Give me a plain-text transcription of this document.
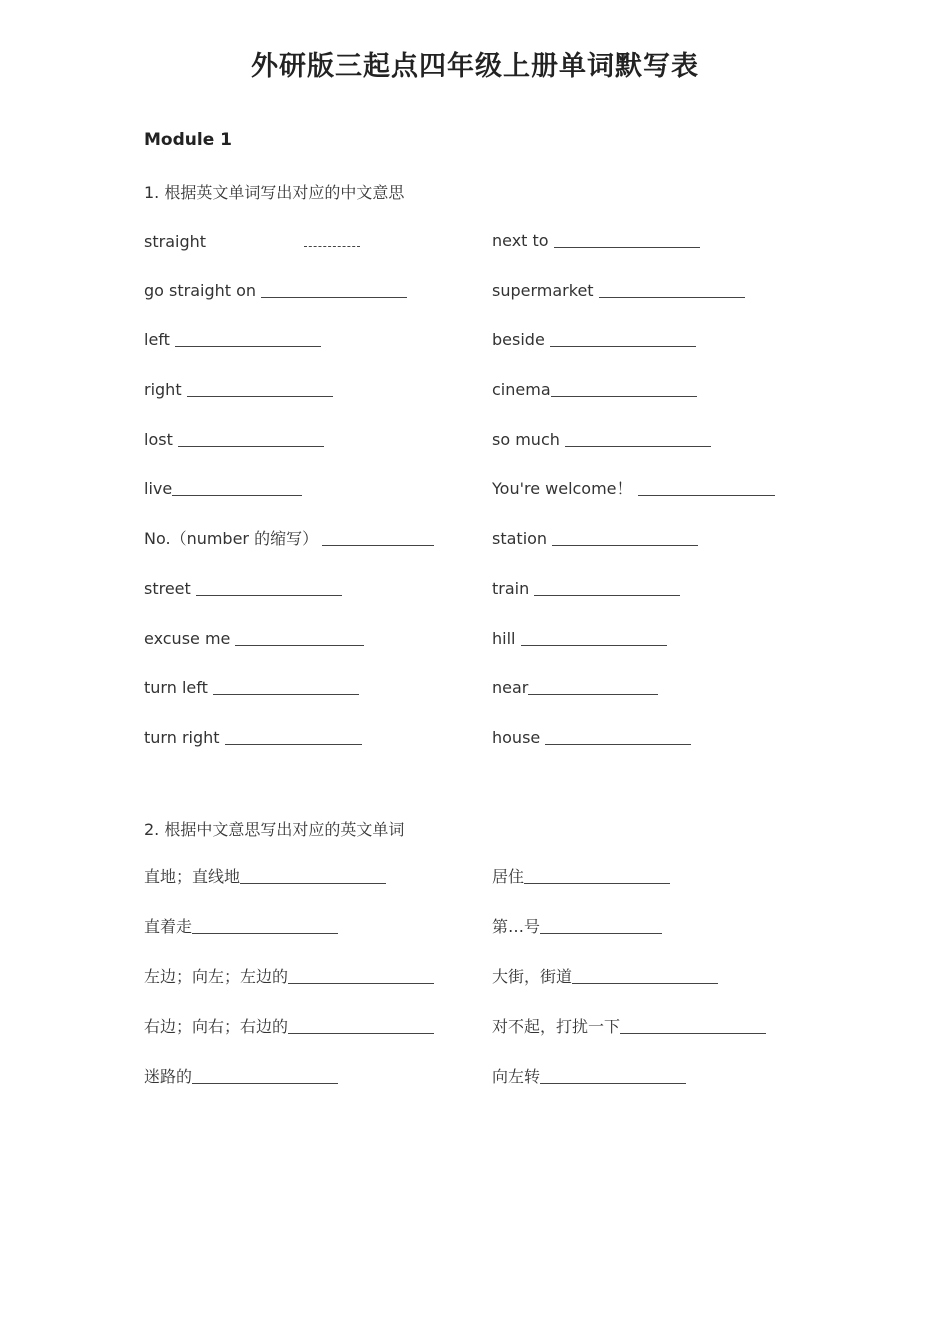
外研版三起点四年级上册单词默写表
Module 1
1. 根据英文单词写出对应的中文意思
straight
go straight on
left
right
lost
live
No.（number 的缩写）
street
excuse me
turn left
turn right
next to
supermarket
beside
cinema
so much
You're welcome！
station
train
hill
near
house
2. 根据中文意思写出对应的英文单词
直地；直线地
直着走
左边；向左；左边的
右边；向右；右边的
迷路的
居住
第…号
大街，街道
对不起，打扰一下
向左转
